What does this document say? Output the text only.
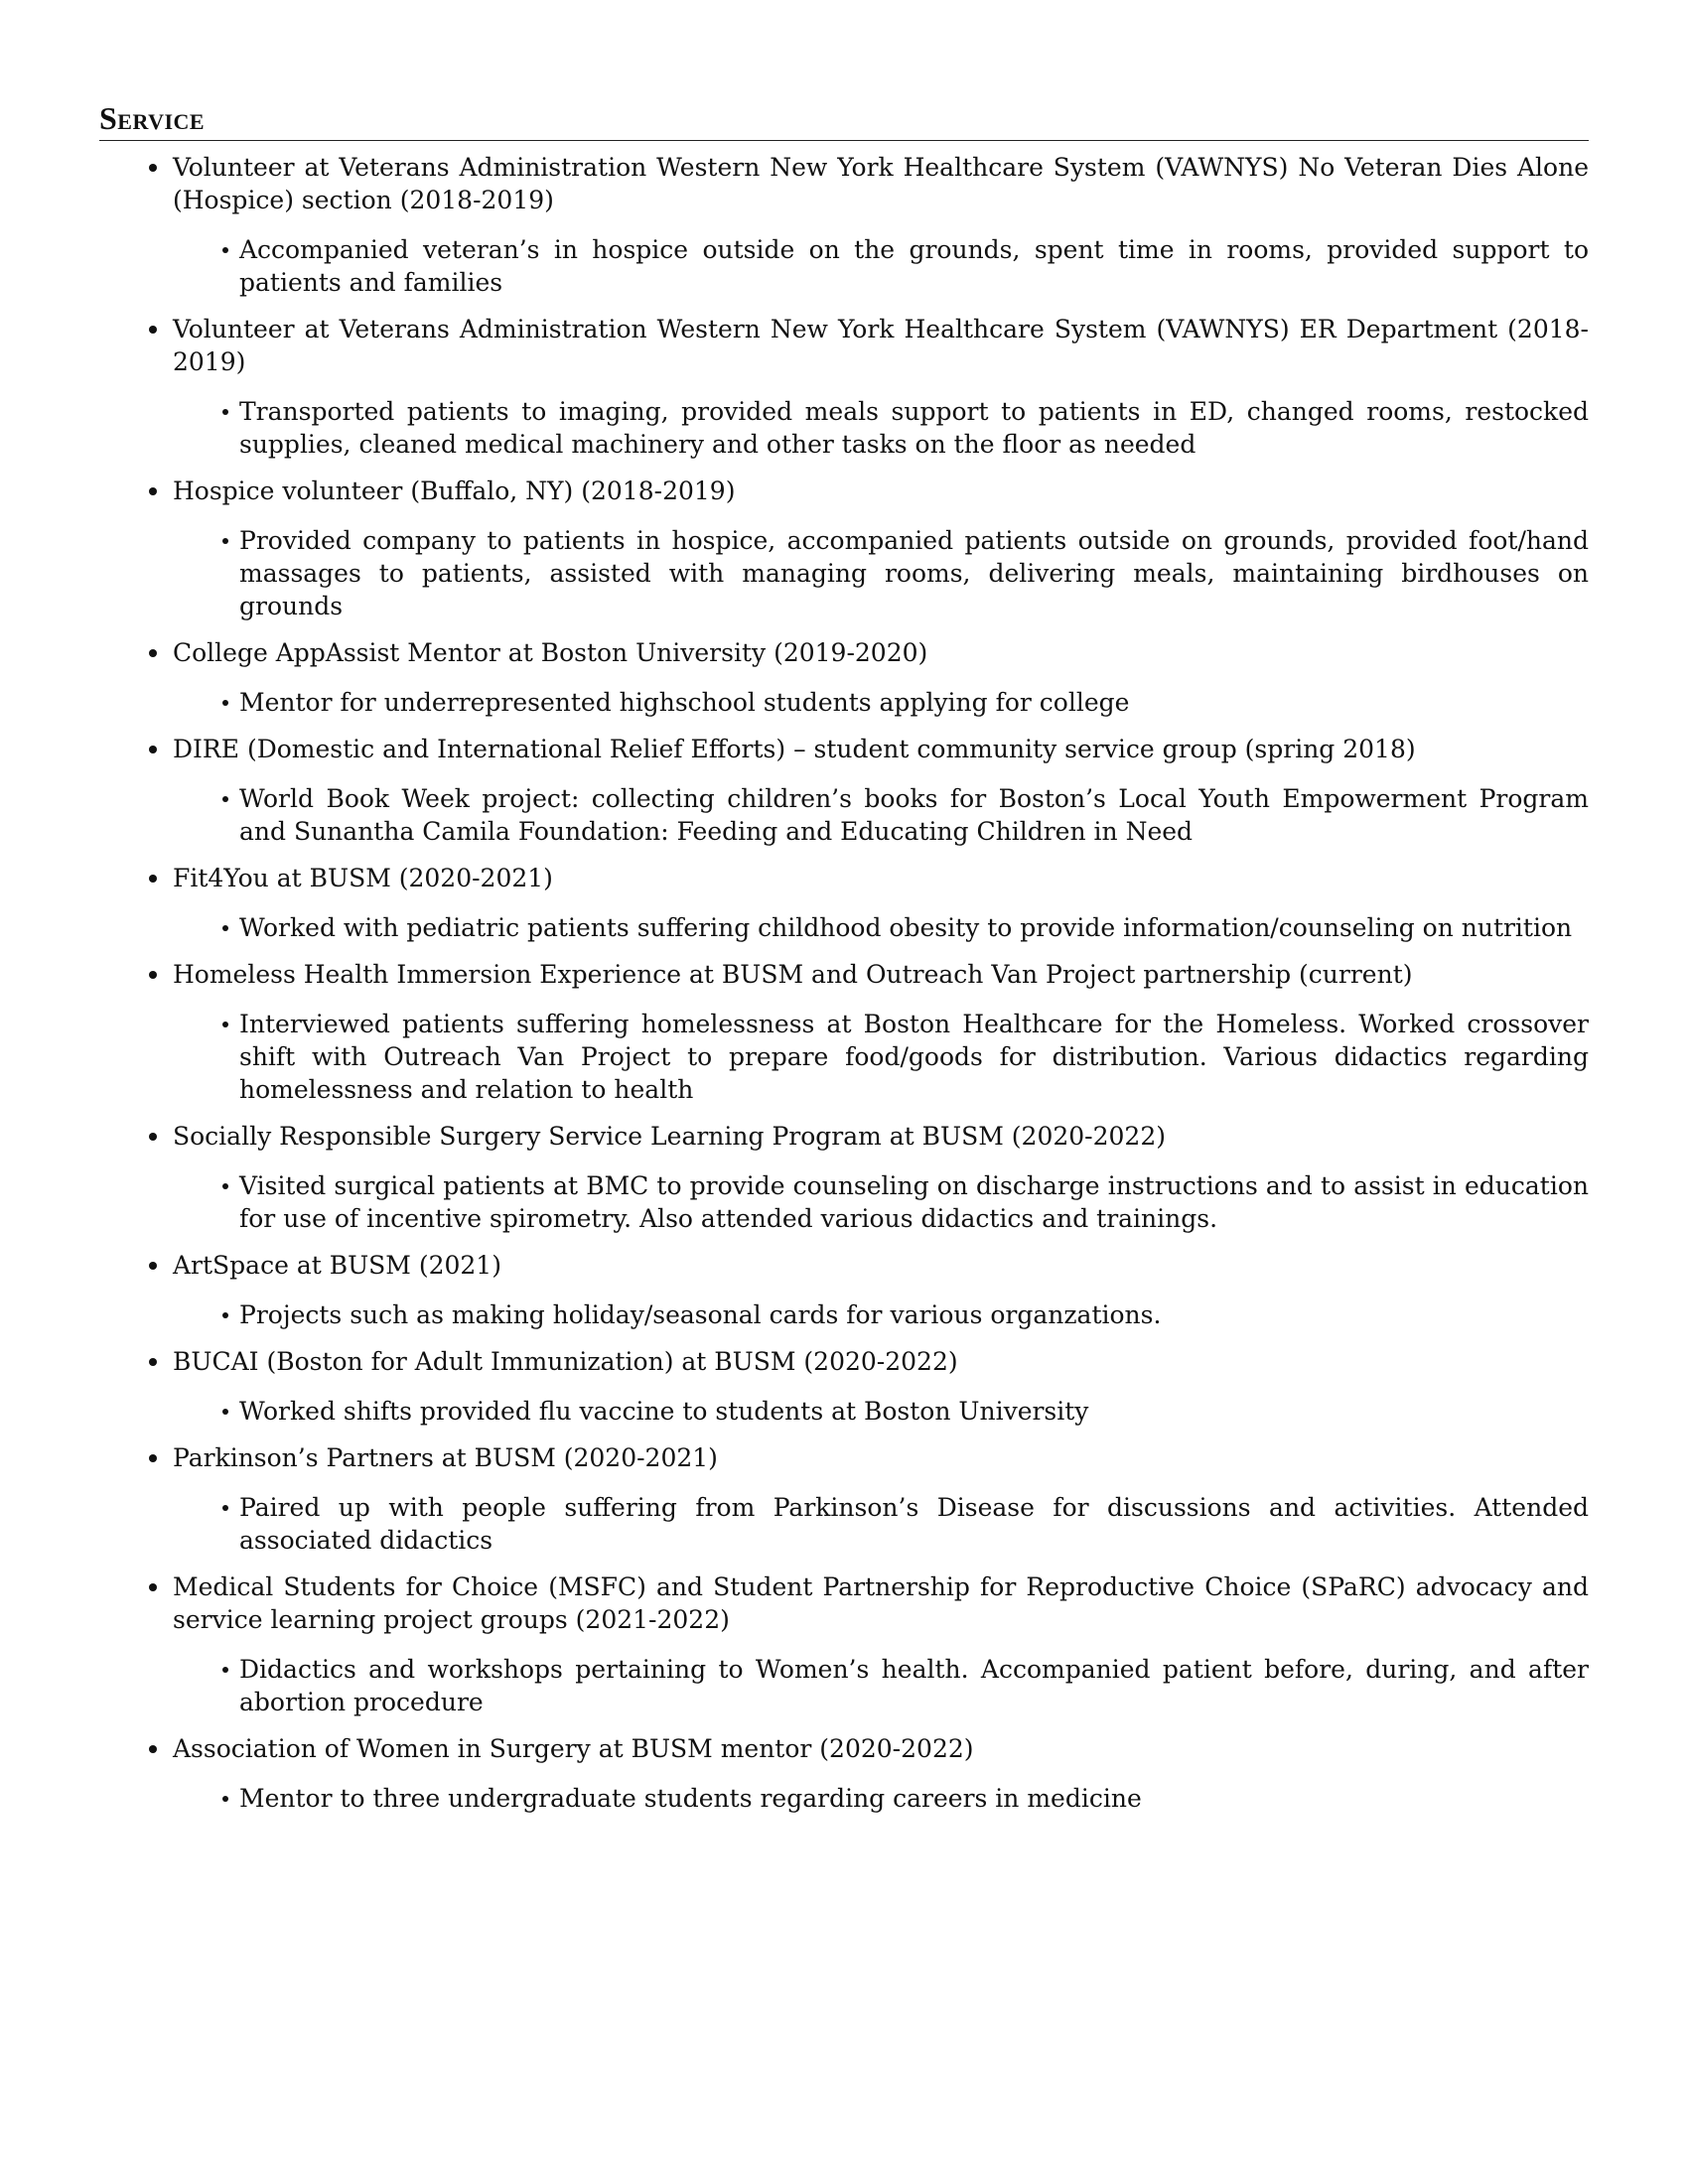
Service
Volunteer at Veterans Administration Western New York Healthcare System (VAWNYS) No Veteran Dies Alone (Hospice) section (2018-2019)
Accompanied veteran’s in hospice outside on the grounds, spent time in rooms, provided support to patients and families
Volunteer at Veterans Administration Western New York Healthcare System (VAWNYS) ER Department (2018-2019)
Transported patients to imaging, provided meals support to patients in ED, changed rooms, restocked supplies, cleaned medical machinery and other tasks on the floor as needed
Hospice volunteer (Buffalo, NY) (2018-2019)
Provided company to patients in hospice, accompanied patients outside on grounds, provided foot/hand massages to patients, assisted with managing rooms, delivering meals, maintaining birdhouses on grounds
College AppAssist Mentor at Boston University (2019-2020)
Mentor for underrepresented highschool students applying for college
DIRE (Domestic and International Relief Efforts) – student community service group (spring 2018)
World Book Week project: collecting children’s books for Boston’s Local Youth Empowerment Program and Sunantha Camila Foundation: Feeding and Educating Children in Need
Fit4You at BUSM (2020-2021)
Worked with pediatric patients suffering childhood obesity to provide information/counseling on nutrition
Homeless Health Immersion Experience at BUSM and Outreach Van Project partnership (current)
Interviewed patients suffering homelessness at Boston Healthcare for the Homeless. Worked crossover shift with Outreach Van Project to prepare food/goods for distribution. Various didactics regarding homelessness and relation to health
Socially Responsible Surgery Service Learning Program at BUSM (2020-2022)
Visited surgical patients at BMC to provide counseling on discharge instructions and to assist in education for use of incentive spirometry. Also attended various didactics and trainings.
ArtSpace at BUSM (2021)
Projects such as making holiday/seasonal cards for various organzations.
BUCAI (Boston for Adult Immunization) at BUSM (2020-2022)
Worked shifts provided flu vaccine to students at Boston University
Parkinson’s Partners at BUSM (2020-2021)
Paired up with people suffering from Parkinson’s Disease for discussions and activities. Attended associated didactics
Medical Students for Choice (MSFC) and Student Partnership for Reproductive Choice (SPaRC) advocacy and service learning project groups (2021-2022)
Didactics and workshops pertaining to Women’s health. Accompanied patient before, during, and after abortion procedure
Association of Women in Surgery at BUSM mentor (2020-2022)
Mentor to three undergraduate students regarding careers in medicine
